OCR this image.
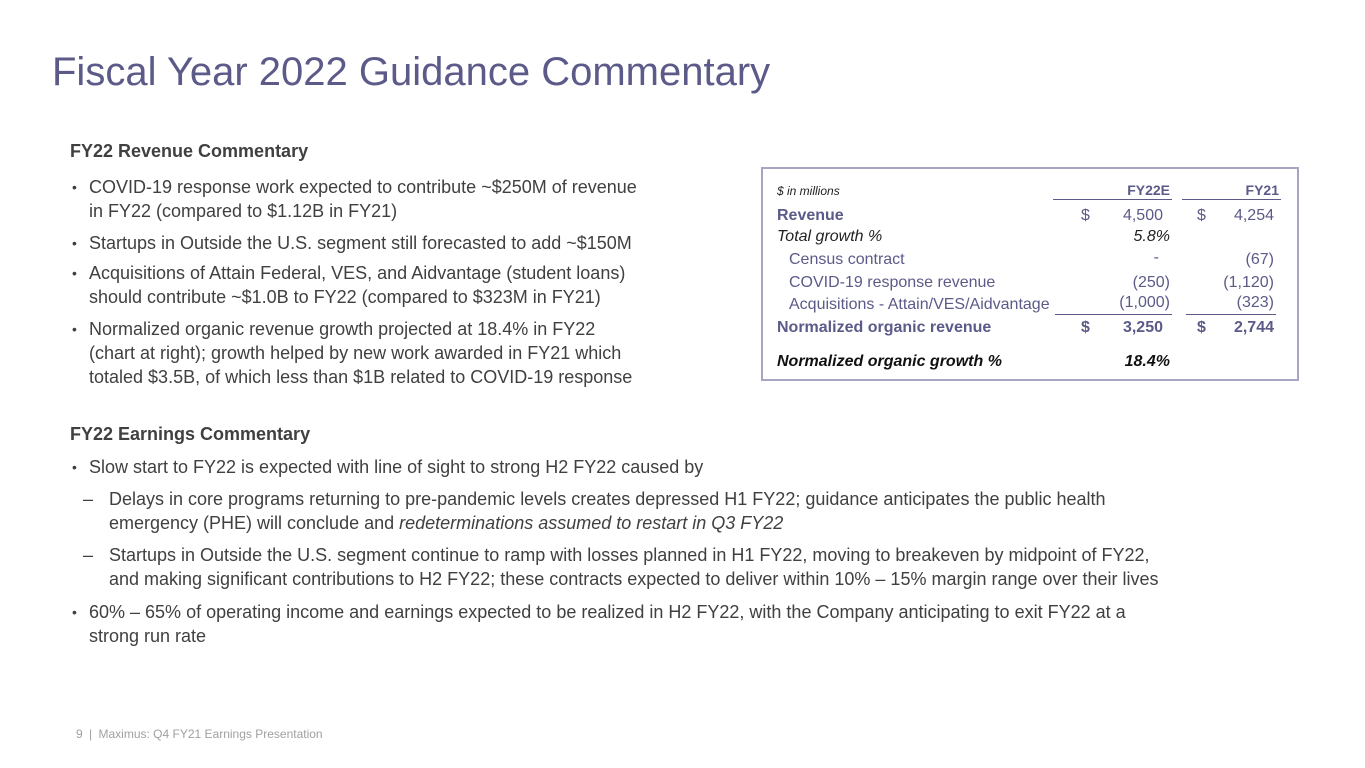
Fiscal Year 2022 Guidance Commentary
FY22 Revenue Commentary
• COVID-19 response work expected to contribute ~$250M of revenue
in FY22 (compared to $1.12B in FY21)
• Startups in Outside the U.S. segment still forecasted to add ~$150M
• Acquisitions of Attain Federal, VES, and Aidvantage (student loans)
should contribute ~$1.0B to FY22 (compared to $323M in FY21)
• Normalized organic revenue growth projected at 18.4% in FY22
(chart at right); growth helped by new work awarded in FY21 which
totaled $3.5B, of which less than $1B related to COVID-19 response
FY22 Earnings Commentary
• Slow start to FY22 is expected with line of sight to strong H2 FY22 caused by
– Delays in core programs returning to pre-pandemic levels creates depressed H1 FY22; guidance anticipates the public health
emergency (PHE) will conclude and redeterminations assumed to restart in Q3 FY22
– Startups in Outside the U.S. segment continue to ramp with losses planned in H1 FY22, moving to breakeven by midpoint of FY22,
and making significant contributions to H2 FY22; these contracts expected to deliver within 10% – 15% margin range over their lives
• 60% – 65% of operating income and earnings expected to be realized in H2 FY22, with the Company anticipating to exit FY22 at a
strong run rate
$ in millions	FY22E	FY21
Revenue	$ 4,500 $ 4,254
Total growth %	5.8%
Census contract	-	(67)
COVID-19 response revenue	(250)	(1,120)
Acquisitions - Attain/VES/Aidvantage	(1,000)	(323)
Normalized organic revenue	$ 3,250 $ 2,744
Normalized organic growth %	18.4%
9 | Maximus: Q4 FY21 Earnings Presentation
